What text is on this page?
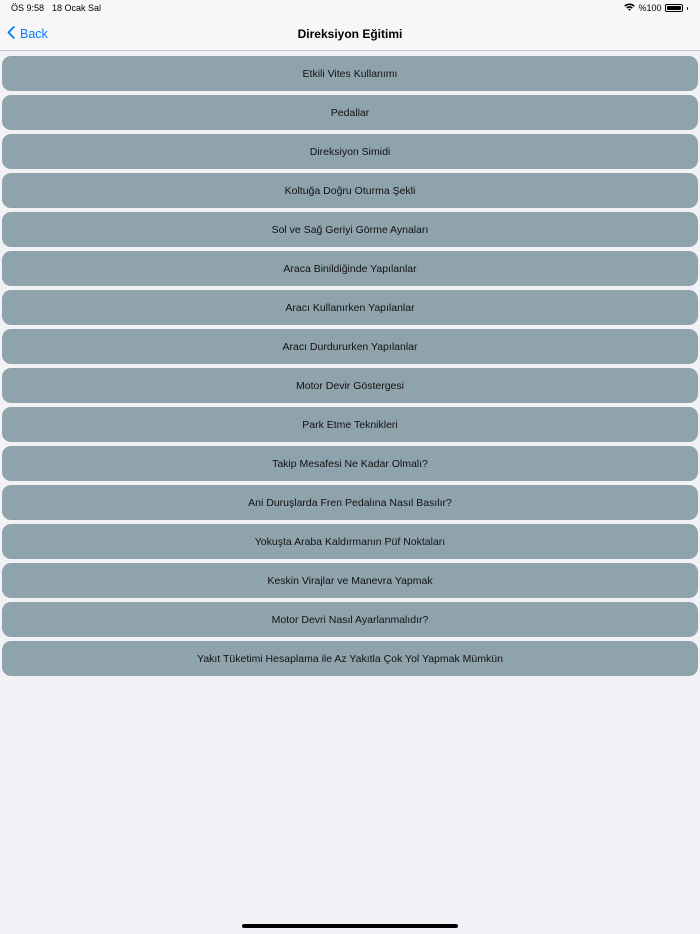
ÖS 9:58 18 Ocak Sal	%100
Back	Direksiyon Eğitimi
Etkili Vites Kullanımı
Pedallar
Direksiyon Simidi
Koltuğa Doğru Oturma Şekli
Sol ve Sağ Geriyi Görme Aynaları
Araca Binildiğinde Yapılanlar
Aracı Kullanırken Yapılanlar
Aracı Durdururken Yapılanlar
Motor Devir Göstergesi
Park Etme Teknikleri
Takip Mesafesi Ne Kadar Olmalı?
Ani Duruşlarda Fren Pedalına Nasıl Basılır?
Yokuşta Araba Kaldırmanın Püf Noktaları
Keskin Virajlar ve Manevra Yapmak
Motor Devri Nasıl Ayarlanmalıdır?
Yakıt Tüketimi Hesaplama ile Az Yakıtla Çok Yol Yapmak Mümkün
